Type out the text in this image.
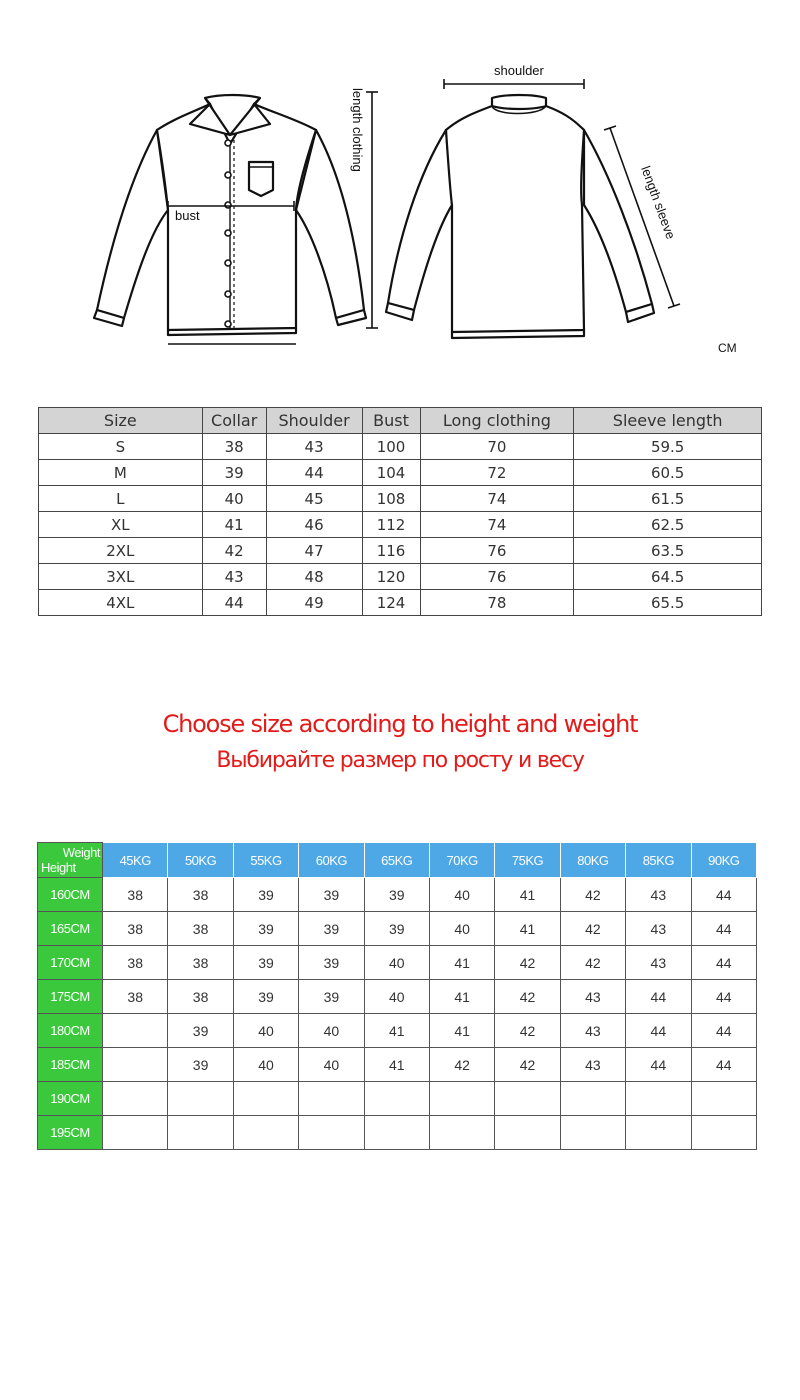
length clothing
bust
shoulder
length sleeve
CM
Size	Collar	Shoulder	Bust	Long clothing	Sleeve length
S	38	43	100	70	59.5
M	39	44	104	72	60.5
L	40	45	108	74	61.5
XL	41	46	112	74	62.5
2XL	42	47	116	76	63.5
3XL	43	48	120	76	64.5
4XL	44	49	124	78	65.5
Choose size according to height and weight
Выбирайте размер по росту и весу
Weight
Height	45KG	50KG	55KG	60KG	65KG	70KG	75KG	80KG	85KG	90KG
160CM	38	38	39	39	39	40	41	42	43	44
165CM	38	38	39	39	39	40	41	42	43	44
170CM	38	38	39	39	40	41	42	42	43	44
175CM	38	38	39	39	40	41	42	43	44	44
180CM		39	40	40	41	41	42	43	44	44
185CM		39	40	40	41	42	42	43	44	44
190CM										
195CM										
